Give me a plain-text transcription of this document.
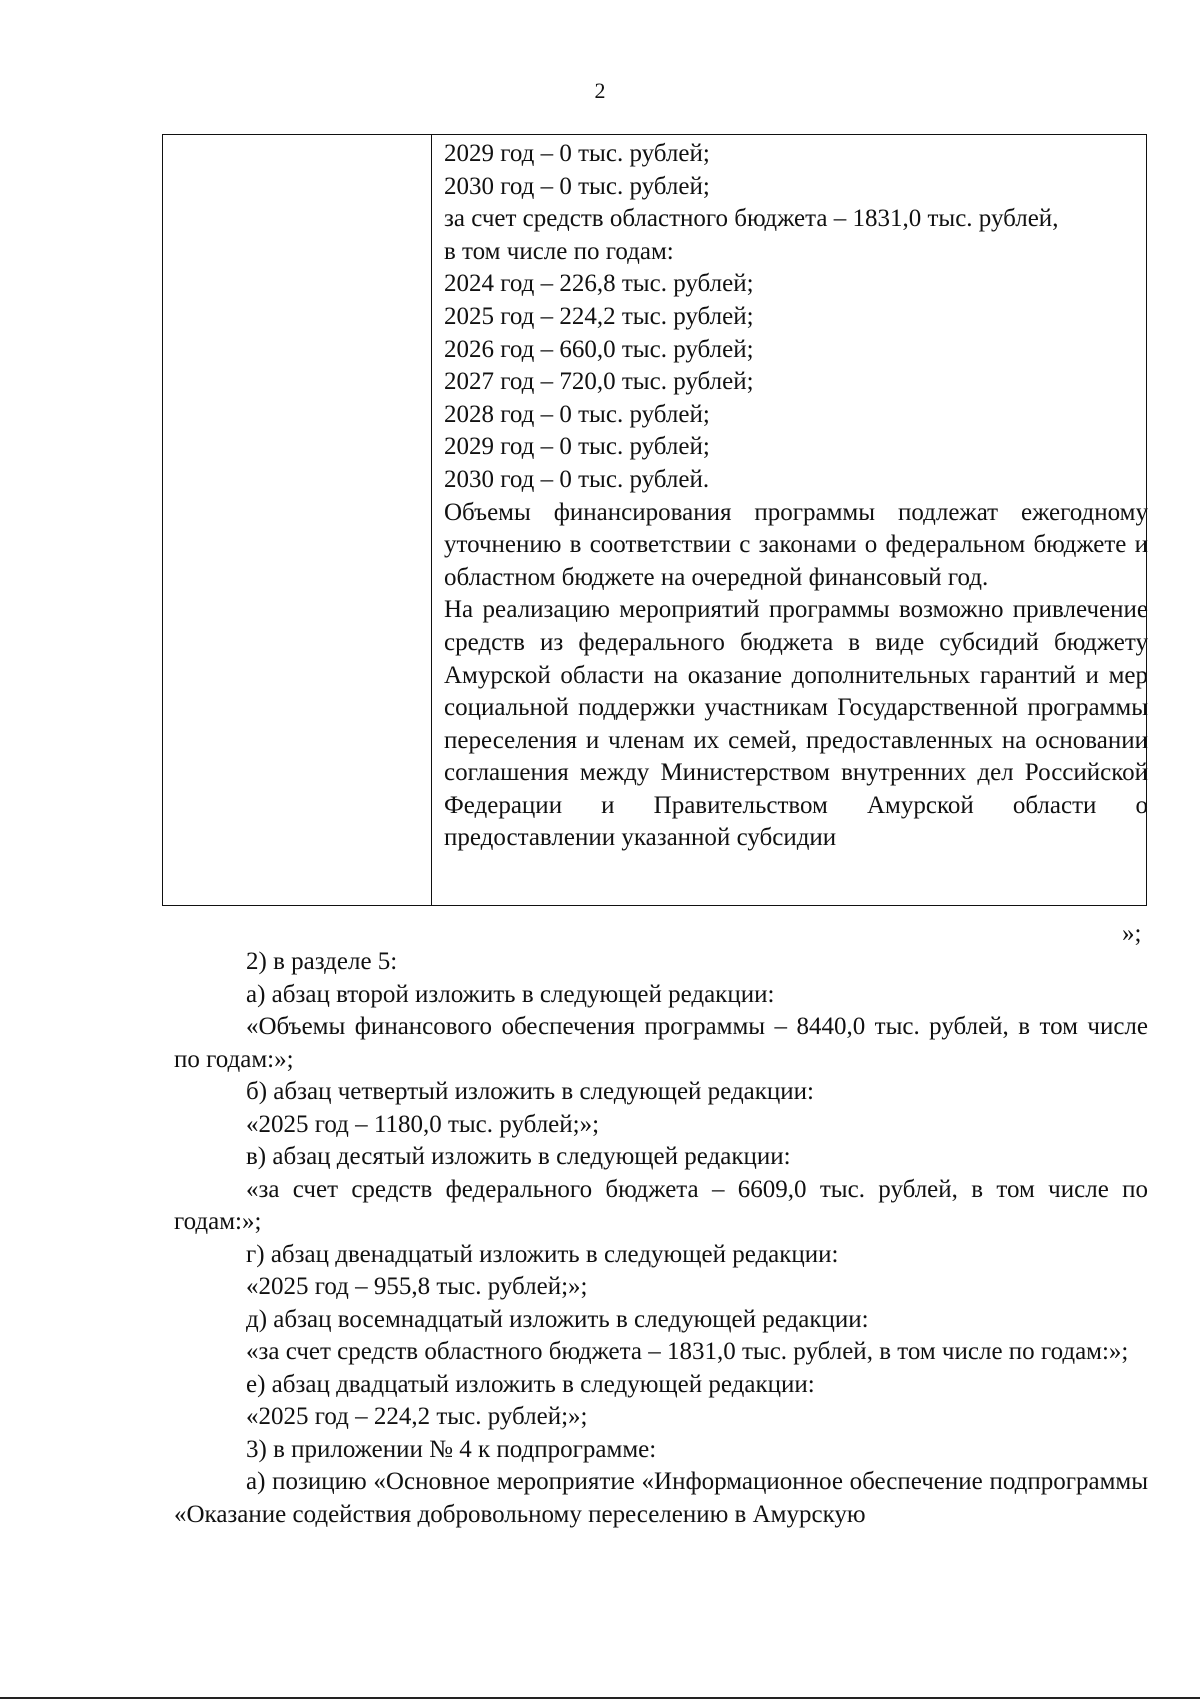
2
2029 год – 0 тыс. рублей;
2030 год – 0 тыс. рублей;
за счет средств областного бюджета – 1831,0 тыс. рублей,
в том числе по годам:
2024 год – 226,8 тыс. рублей;
2025 год – 224,2 тыс. рублей;
2026 год – 660,0 тыс. рублей;
2027 год – 720,0 тыс. рублей;
2028 год – 0 тыс. рублей;
2029 год – 0 тыс. рублей;
2030 год – 0 тыс. рублей.

Объемы финансирования программы подлежат ежегодному уточнению в соответствии с законами о федеральном бюджете и областном бюджете на очередной финансовый год.

На реализацию мероприятий программы возможно привлечение средств из федерального бюджета в виде субсидий бюджету Амурской области на оказание дополнительных гарантий и мер социальной поддержки участникам Государственной программы переселения и членам их семей, предоставленных на основании соглашения между Министерством внутренних дел Российской Федерации и Правительством Амурской области о предоставлении указанной субсидии

»;

2) в разделе 5:

а) абзац второй изложить в следующей редакции:

«Объемы финансового обеспечения программы – 8440,0 тыс. рублей, в том числе по годам:»;

б) абзац четвертый изложить в следующей редакции:

«2025 год – 1180,0 тыс. рублей;»;

в) абзац десятый изложить в следующей редакции:

«за счет средств федерального бюджета – 6609,0 тыс. рублей, в том числе по годам:»;

г) абзац двенадцатый изложить в следующей редакции:

«2025 год – 955,8 тыс. рублей;»;

д) абзац восемнадцатый изложить в следующей редакции:

«за счет средств областного бюджета – 1831,0 тыс. рублей, в том числе по годам:»;

е) абзац двадцатый изложить в следующей редакции:

«2025 год – 224,2 тыс. рублей;»;

3) в приложении № 4 к подпрограмме:

а) позицию «Основное мероприятие «Информационное обеспечение подпрограммы «Оказание содействия добровольному переселению в Амурскую
